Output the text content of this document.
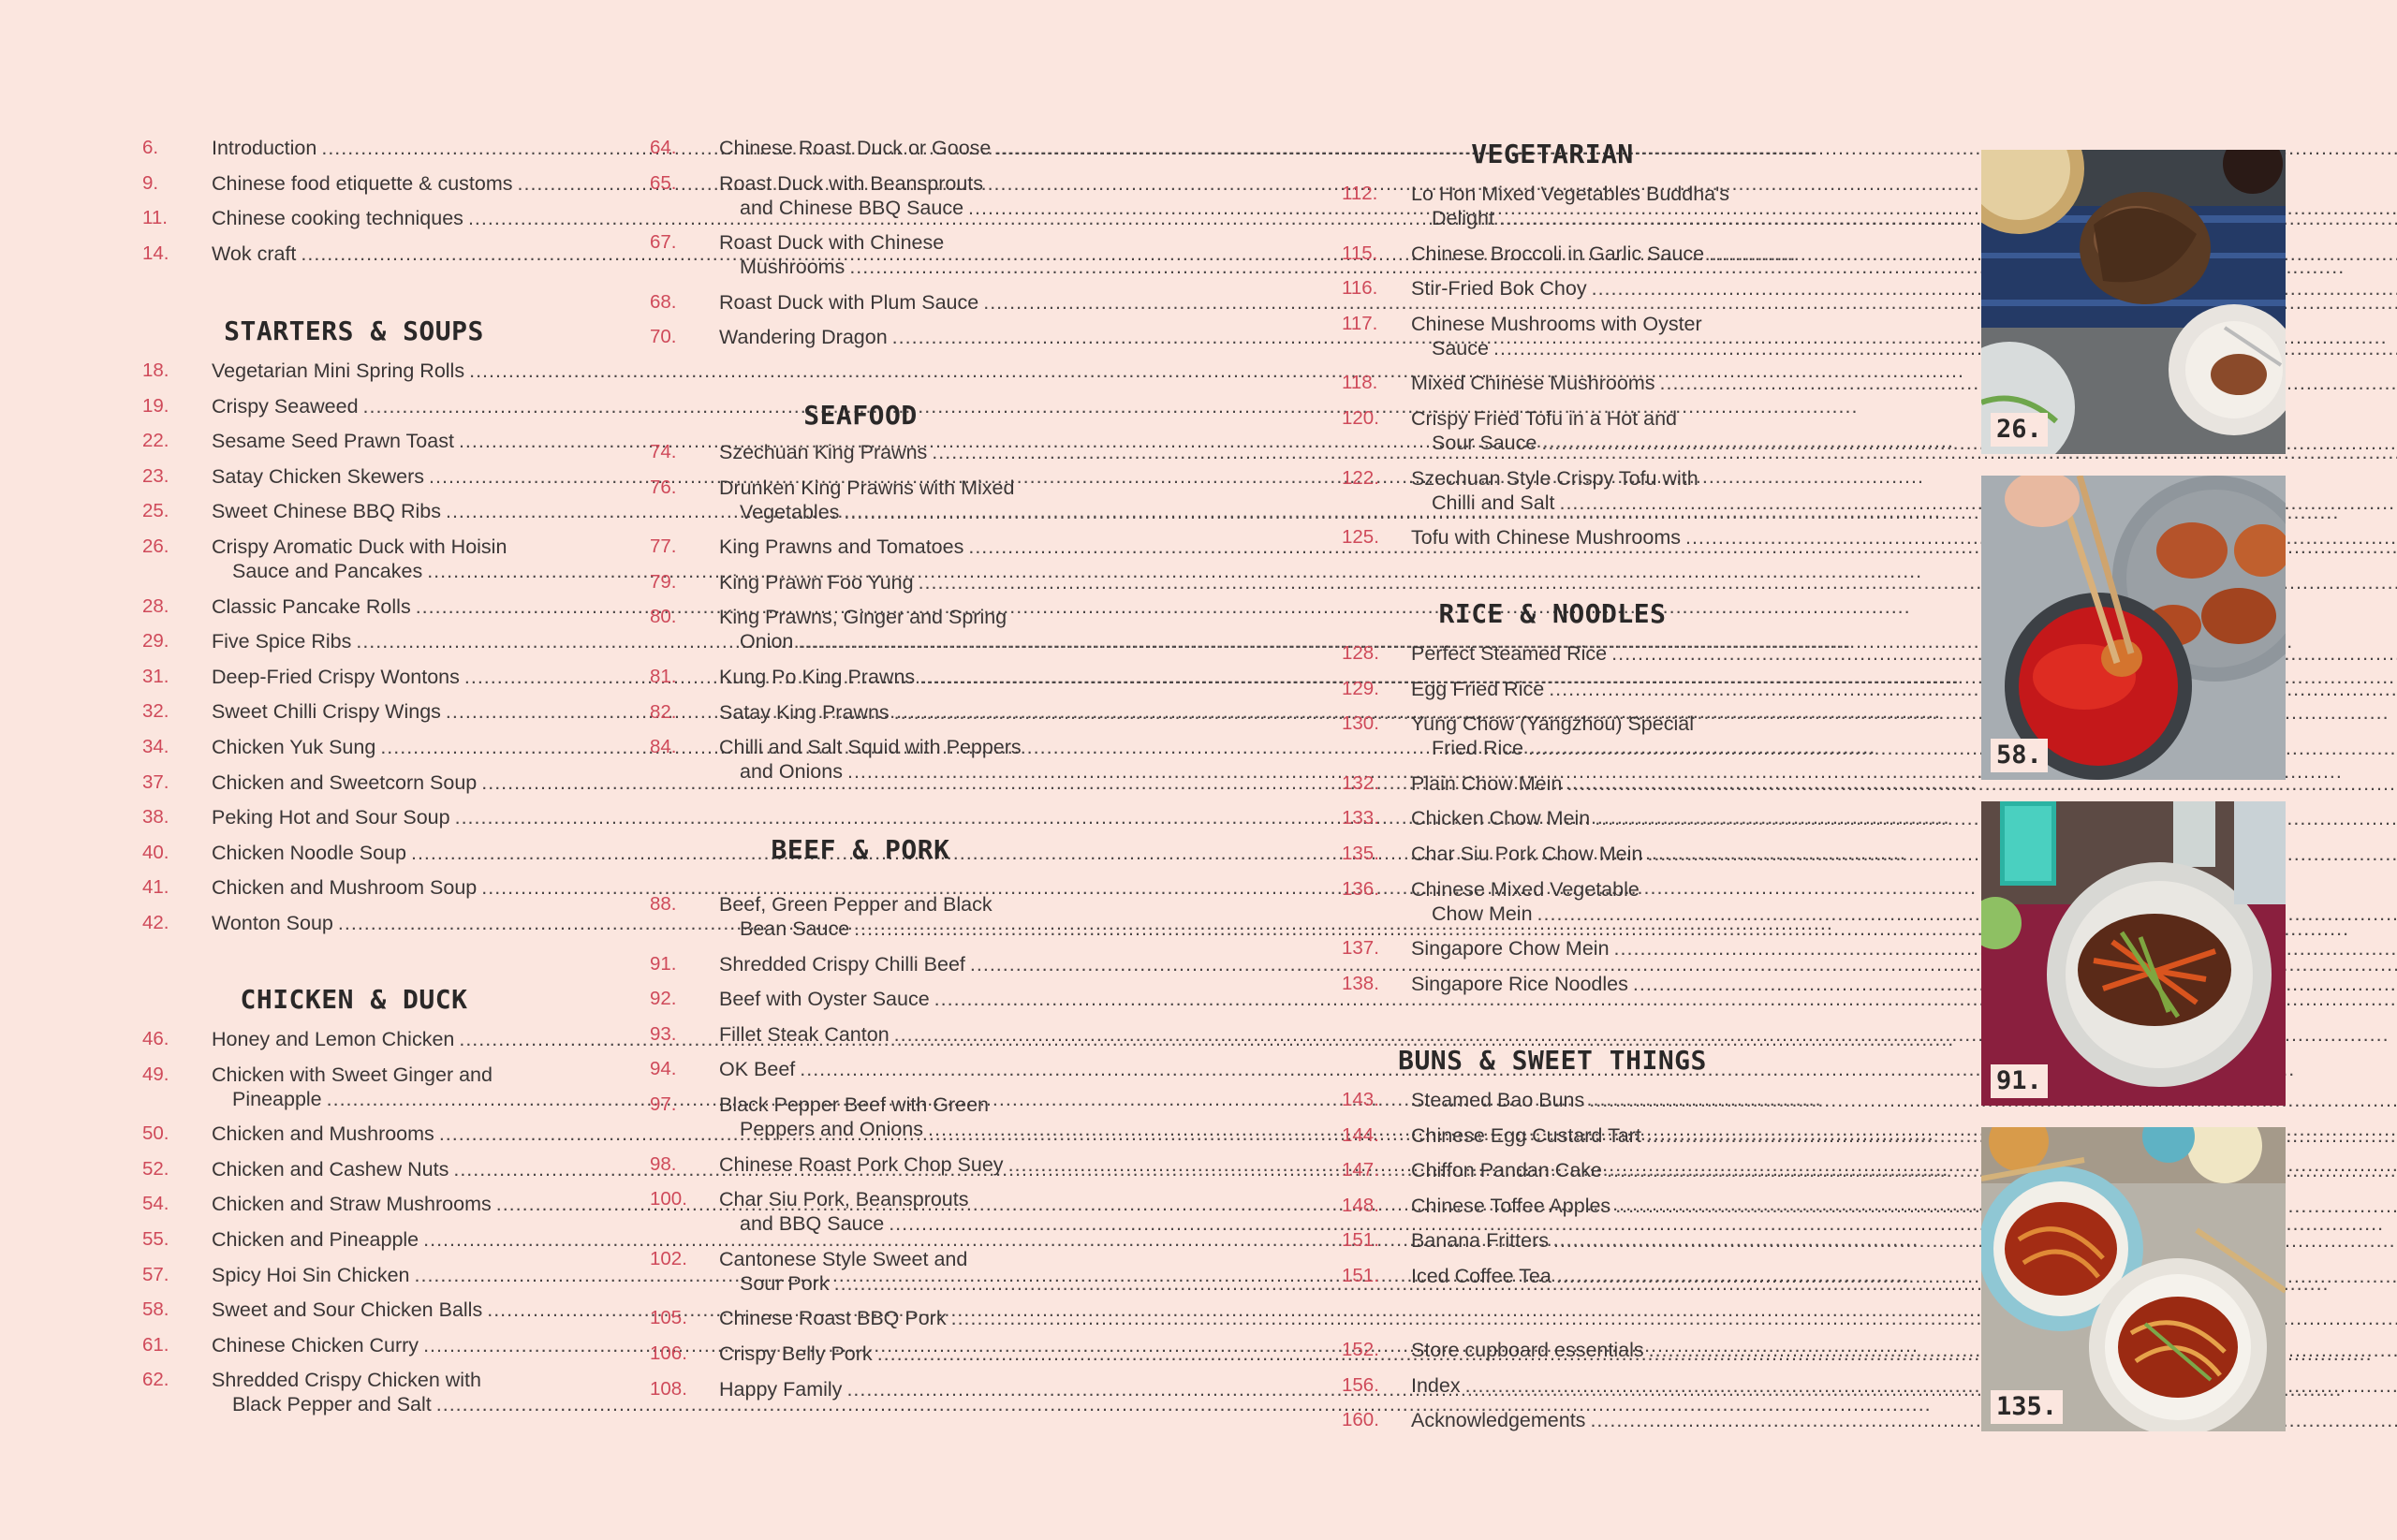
6.	Introduction
.....
9.	Chinese food etiquette & customs
.....
11.	Chinese cooking techniques
.....
14.	Wok craft
.....
STARTERS & SOUPS
18.	Vegetarian Mini Spring Rolls
.....
19.	Crispy Seaweed
.....
22.	Sesame Seed Prawn Toast
.....
23.	Satay Chicken Skewers
.....
25.	Sweet Chinese BBQ Ribs
.....
26.	Crispy Aromatic Duck with Hoisin
Sauce and Pancakes
.....
28.	Classic Pancake Rolls
.....
29.	Five Spice Ribs
.....
31.	Deep-Fried Crispy Wontons
.....
32.	Sweet Chilli Crispy Wings
.....
34.	Chicken Yuk Sung
.....
37.	Chicken and Sweetcorn Soup
.....
38.	Peking Hot and Sour Soup
.....
40.	Chicken Noodle Soup
.....
41.	Chicken and Mushroom Soup
.....
42.	Wonton Soup
.....
CHICKEN & DUCK
46.	Honey and Lemon Chicken
.....
49.	Chicken with Sweet Ginger and
Pineapple
.....
50.	Chicken and Mushrooms
.....
52.	Chicken and Cashew Nuts
.....
54.	Chicken and Straw Mushrooms
.....
55.	Chicken and Pineapple
.....
57.	Spicy Hoi Sin Chicken
.....
58.	Sweet and Sour Chicken Balls
.....
61.	Chinese Chicken Curry
.....
62.	Shredded Crispy Chicken with
Black Pepper and Salt
.....
64.	Chinese Roast Duck or Goose
.....
65.	Roast Duck with Beansprouts
and Chinese BBQ Sauce
.....
67.	Roast Duck with Chinese
Mushrooms
.....
68.	Roast Duck with Plum Sauce
.....
70.	Wandering Dragon
.....
SEAFOOD
74.	Szechuan King Prawns
.....
76.	Drunken King Prawns with Mixed
Vegetables
.....
77.	King Prawns and Tomatoes
.....
79.	King Prawn Foo Yung
.....
80.	King Prawns, Ginger and Spring
Onion
.....
81.	Kung Po King Prawns
.....
82.	Satay King Prawns
.....
84.	Chilli and Salt Squid with Peppers
and Onions
.....
BEEF & PORK
88.	Beef, Green Pepper and Black
Bean Sauce
.....
91.	Shredded Crispy Chilli Beef
.....
92.	Beef with Oyster Sauce
.....
93.	Fillet Steak Canton
.....
94.	OK Beef
.....
97.	Black Pepper Beef with Green
Peppers and Onions
.....
98.	Chinese Roast Pork Chop Suey
.....
100.	Char Siu Pork, Beansprouts
and BBQ Sauce
.....
102.	Cantonese Style Sweet and
Sour Pork
.....
105.	Chinese Roast BBQ Pork
.....
106.	Crispy Belly Pork
.....
108.	Happy Family
.....
VEGETARIAN
112.	Lo Hon Mixed Vegetables Buddha's
Delight
.....
115.	Chinese Broccoli in Garlic Sauce
.....
116.	Stir-Fried Bok Choy
.....
117.	Chinese Mushrooms with Oyster
Sauce
.....
118.	Mixed Chinese Mushrooms
.....
120.	Crispy Fried Tofu in a Hot and
Sour Sauce
.....
122.	Szechuan Style Crispy Tofu with
Chilli and Salt
.....
125.	Tofu with Chinese Mushrooms
.....
RICE & NOODLES
128.	Perfect Steamed Rice
.....
129.	Egg Fried Rice
.....
130.	Yung Chow (Yangzhou) Special
Fried Rice
.....
132.	Plain Chow Mein
.....
133.	Chicken Chow Mein
.....
135.	Char Siu Pork Chow Mein
.....
136.	Chinese Mixed Vegetable
Chow Mein
.....
137.	Singapore Chow Mein
.....
138.	Singapore Rice Noodles
.....
BUNS & SWEET THINGS
143.	Steamed Bao Buns
.....
144.	Chinese Egg Custard Tart
.....
147.	Chiffon Pandan Cake
.....
148.	Chinese Toffee Apples
.....
151.	Banana Fritters
.....
151.	Iced Coffee Tea
.....
152.	Store cupboard essentials
.....
156.	Index
.....
160.	Acknowledgements
.....
26.
58.
91.
135.
